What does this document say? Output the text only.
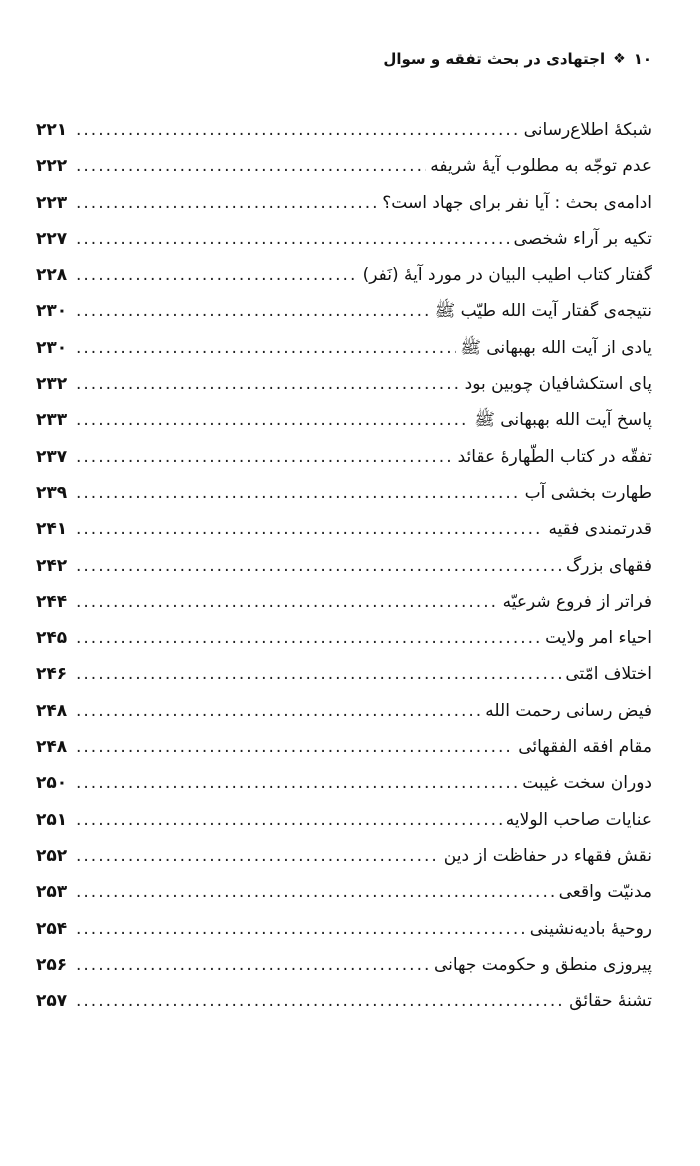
۱۰
❖
اجتهادی در بحث تفقه و سوال
شبکهٔ اطلاع‌رسانی
.....
۲۲۱
عدم توجّه به مطلوب آیهٔ شریفه
.....
۲۲۲
ادامه‌ی بحث : آیا نفر برای جهاد است؟
.....
۲۲۳
تکیه بر آراء شخصی
.....
۲۲۷
گفتار کتاب اطیب البیان در مورد آیهٔ (نَفر)
.....
۲۲۸
نتیجه‌ی گفتار آیت الله طیّب ﷺ
.....
۲۳۰
یادی از آیت الله بهبهانی ﷺ
.....
۲۳۰
پای استکشافیان چوبین بود
.....
۲۳۲
پاسخ آیت الله بهبهانی ﷺ
.....
۲۳۳
تفقّه در کتاب الطّهارهٔ عقائد
.....
۲۳۷
طهارت بخشی آب
.....
۲۳۹
قدرتمندی فقیه
.....
۲۴۱
فقهای بزرگ
.....
۲۴۲
فراتر از فروع شرعیّه
.....
۲۴۴
احیاء امر ولایت
.....
۲۴۵
اختلاف امّتی
.....
۲۴۶
فیض رسانی رحمت الله
.....
۲۴۸
مقام افقه الفقهائی
.....
۲۴۸
دوران سخت غیبت
.....
۲۵۰
عنایات صاحب الولایه
.....
۲۵۱
نقش فقهاء در حفاظت از دین
.....
۲۵۲
مدنیّت واقعی
.....
۲۵۳
روحیهٔ بادیه‌نشینی
.....
۲۵۴
پیروزی منطق و حکومت جهانی
.....
۲۵۶
تشنهٔ حقائق
.....
۲۵۷
